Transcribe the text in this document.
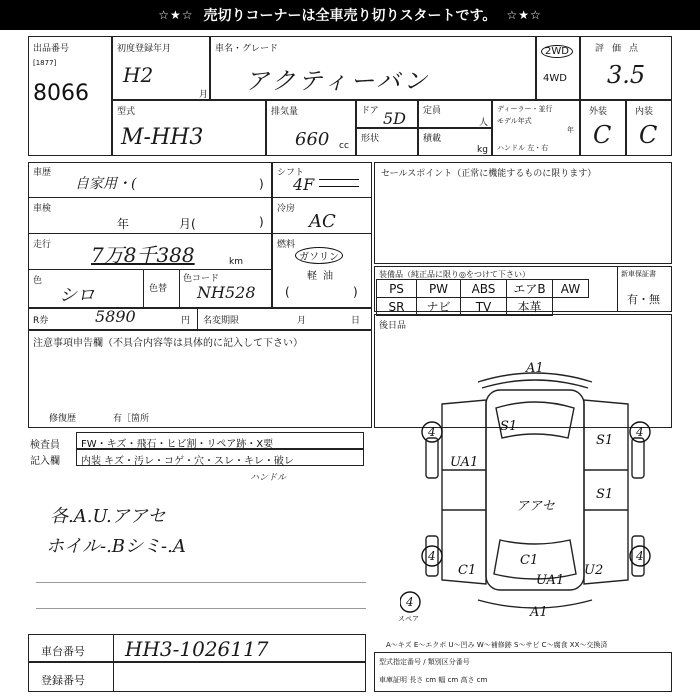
☆★☆ 売切りコーナーは全車売り切りスタートです。 ☆★☆
出品番号
[1877]
8066
初度登録年月
H2
月
車名・グレード
アクティーバン
2WD
4WD
評価点
3.5
型式
M-HH3
排気量
660 cc
ドア 5D
形状
定員
人
積載
kg
ディーラー・並行
モデル年式
年
ハンドル 左・右
外装
C
内装
C
車歴
自家用・(	)
車検
年	月(	)
走行 7万8千388	km
色
シロ	色替
色コード
NH528
シフト
4F
冷房
AC
燃料
ガソリン
軽油
(	)
セールスポイント（正常に機能するものに限ります）
装備品（純正品に限り◎をつけて下さい）	新車保証書
有・無
PS	PW	ABS	エアB	AW
SR	ナビ	TV	本革	
R券	5890	円 名変期限	月	日
注意事項申告欄（不具合内容等は具体的に記入して下さい）
修復歴	有［箇所
後日品
検査員
記入欄
FW・キズ・飛石・ヒビ割・リペア跡・X要
内装 キズ・汚レ・コゲ・穴・スレ・キレ・破レ
ハンドル
各.A.U.アアセ
ホイル-.Bシミ-.A
A1
S1
UA1
S1
S1
アアセ
C1	U2
C1
UA1
A1
4	4
4	4
4
スペア
A～キズ E～エクボ U～凹み W～補修跡 S～サビ C～腐食 XX～交換済
型式指定番号 / 類別区分番号
車庫証明 長さ cm 幅 cm 高さ cm
車台番号 HH3-1026117
登録番号
